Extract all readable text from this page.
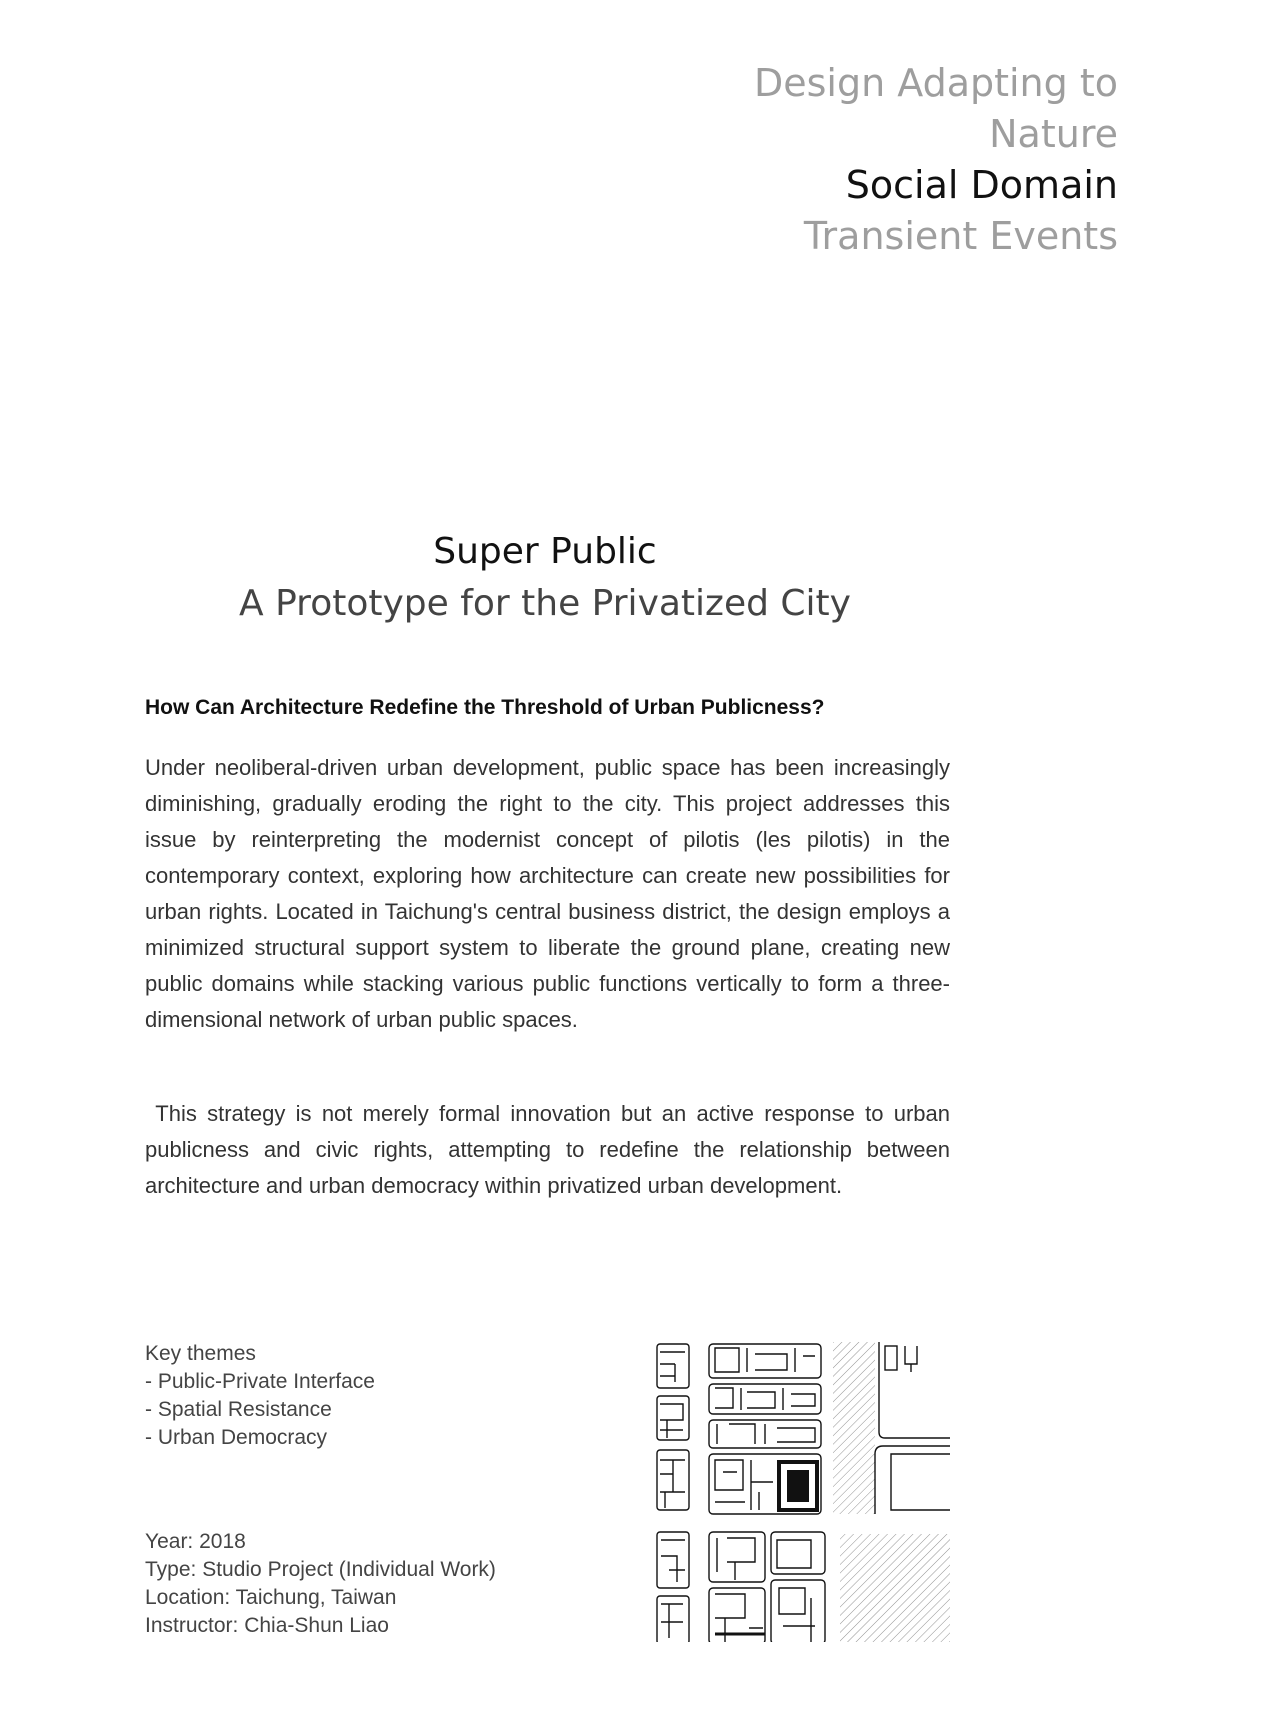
Design Adapting to
Nature
Social Domain
Transient Events
Super Public
A Prototype for the Privatized City
How Can Architecture Redefine the Threshold of Urban Publicness?
Under neoliberal-driven urban development, public space has been increasingly diminishing, gradually eroding the right to the city. This project addresses this issue by reinterpreting the modernist concept of pilotis (les pilotis) in the contemporary context, exploring how architecture can create new possibilities for urban rights. Located in Taichung's central business district, the design employs a minimized structural support system to liberate the ground plane, creating new public domains while stacking various public functions vertically to form a three-dimensional network of urban public spaces.
This strategy is not merely formal innovation but an active response to urban publicness and civic rights, attempting to redefine the relationship between architecture and urban democracy within privatized urban development.
Key themes
- Public-Private Interface
- Spatial Resistance
- Urban Democracy
Year: 2018
Type: Studio Project (Individual Work)
Location: Taichung, Taiwan
Instructor: Chia-Shun Liao
